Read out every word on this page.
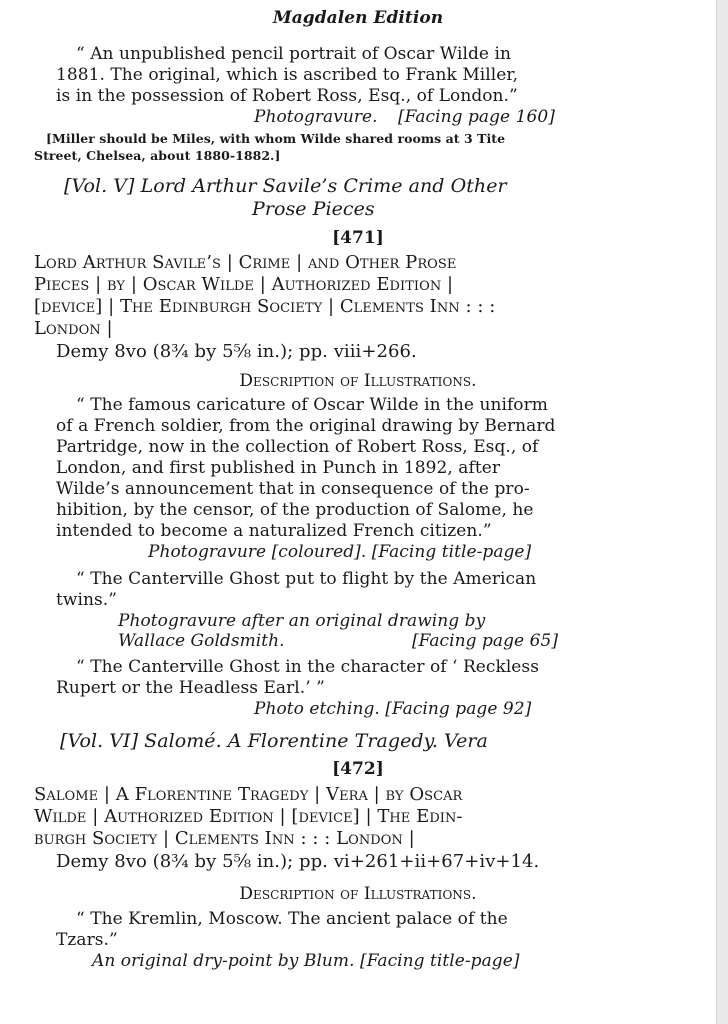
Magdalen Edition
“ An unpublished pencil portrait of Oscar Wilde in
1881. The original, which is ascribed to Frank Miller,
is in the possession of Robert Ross, Esq., of London.”
Photogravure. [Facing page 160]
[Miller should be Miles, with whom Wilde shared rooms at 3 Tite
Street, Chelsea, about 1880-1882.]
[Vol. V] Lord Arthur Savile’s Crime and Other
Prose Pieces
[471]
Lord Arthur Savile’s | Crime | and Other Prose
Pieces | by | Oscar Wilde | Authorized Edition |
[device] | The Edinburgh Society | Clements Inn : : :
London |
Demy 8vo (8¾ by 5⅝ in.); pp. viii+266.
Description of Illustrations.
“ The famous caricature of Oscar Wilde in the uniform
of a French soldier, from the original drawing by Bernard
Partridge, now in the collection of Robert Ross, Esq., of
London, and first published in Punch in 1892, after
Wilde’s announcement that in consequence of the pro-
hibition, by the censor, of the production of Salome, he
intended to become a naturalized French citizen.”
Photogravure [coloured]. [Facing title-page]
“ The Canterville Ghost put to flight by the American
twins.”
Photogravure after an original drawing by
Wallace Goldsmith.	[Facing page 65]
“ The Canterville Ghost in the character of ‘ Reckless
Rupert or the Headless Earl.’ ”
Photo etching. [Facing page 92]
[Vol. VI] Salomé. A Florentine Tragedy. Vera
[472]
Salome | A Florentine Tragedy | Vera | by Oscar
Wilde | Authorized Edition | [device] | The Edin-
burgh Society | Clements Inn : : : London |
Demy 8vo (8¾ by 5⅝ in.); pp. vi+261+ii+67+iv+14.
Description of Illustrations.
“ The Kremlin, Moscow. The ancient palace of the
Tzars.”
An original dry-point by Blum. [Facing title-page]
